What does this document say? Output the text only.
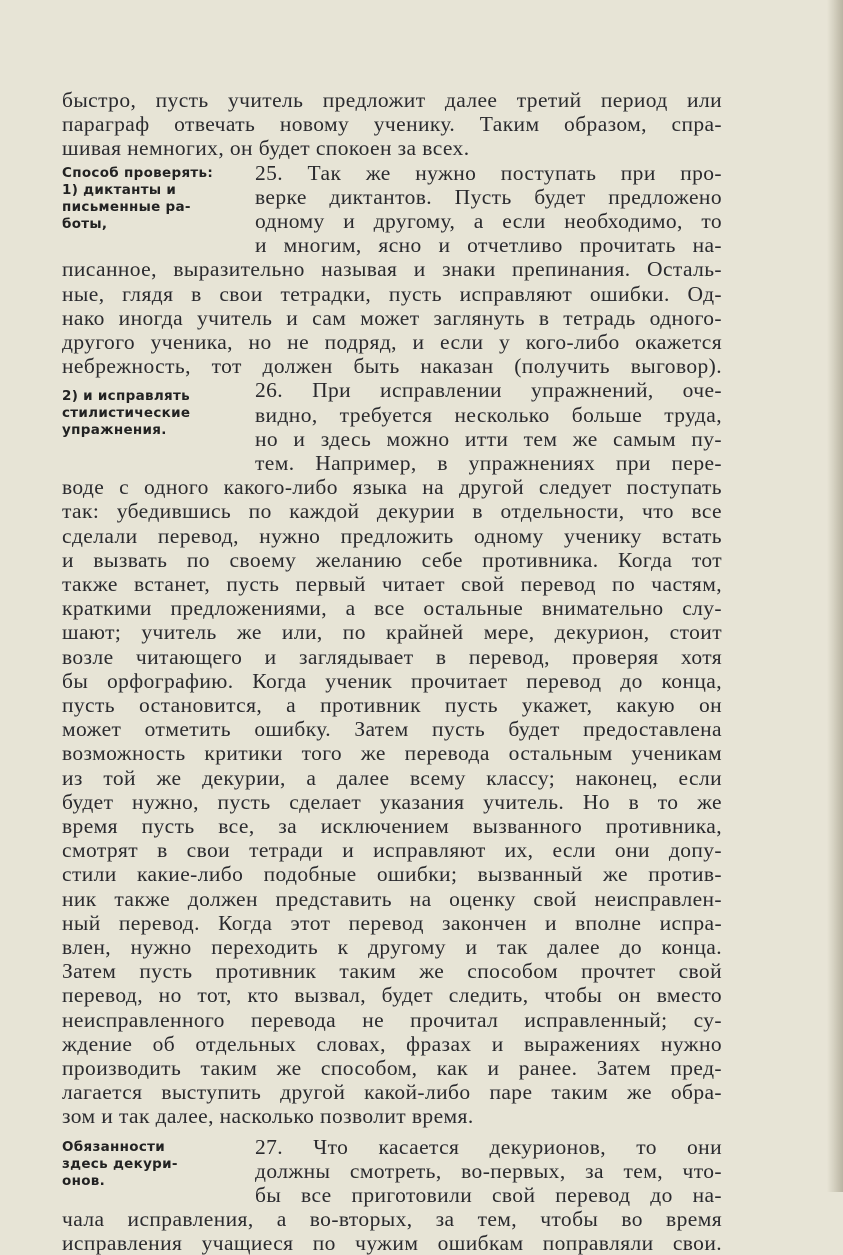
быстро, пусть учитель предложит далее третий период или
параграф отвечать новому ученику. Таким образом, спра-
шивая немногих, он будет спокоен за всех.
25. Так же нужно поступать при про-
верке диктантов. Пусть будет предложено
одному и другому, а если необходимо, то
и многим, ясно и отчетливо прочитать на-
писанное, выразительно называя и знаки препинания. Осталь-
ные, глядя в свои тетрадки, пусть исправляют ошибки. Од-
нако иногда учитель и сам может заглянуть в тетрадь одного-
другого ученика, но не подряд, и если у кого-либо окажется
небрежность, тот должен быть наказан (получить выговор).
26. При исправлении упражнений, оче-
видно, требуется несколько больше труда,
но и здесь можно итти тем же самым пу-
тем. Например, в упражнениях при пере-
воде с одного какого-либо языка на другой следует поступать
так: убедившись по каждой декурии в отдельности, что все
сделали перевод, нужно предложить одному ученику встать
и вызвать по своему желанию себе противника. Когда тот
также встанет, пусть первый читает свой перевод по частям,
краткими предложениями, а все остальные внимательно слу-
шают; учитель же или, по крайней мере, декурион, стоит
возле читающего и заглядывает в перевод, проверяя хотя
бы орфографию. Когда ученик прочитает перевод до конца,
пусть остановится, а противник пусть укажет, какую он
может отметить ошибку. Затем пусть будет предоставлена
возможность критики того же перевода остальным ученикам
из той же декурии, а далее всему классу; наконец, если
будет нужно, пусть сделает указания учитель. Но в то же
время пусть все, за исключением вызванного противника,
смотрят в свои тетради и исправляют их, если они допу-
стили какие-либо подобные ошибки; вызванный же против-
ник также должен представить на оценку свой неисправлен-
ный перевод. Когда этот перевод закончен и вполне испра-
влен, нужно переходить к другому и так далее до конца.
Затем пусть противник таким же способом прочтет свой
перевод, но тот, кто вызвал, будет следить, чтобы он вместо
неисправленного перевода не прочитал исправленный; су-
ждение об отдельных словах, фразах и выражениях нужно
производить таким же способом, как и ранее. Затем пред-
лагается выступить другой какой-либо паре таким же обра-
зом и так далее, насколько позволит время.
27. Что касается декурионов, то они
должны смотреть, во-первых, за тем, что-
бы все приготовили свой перевод до на-
чала исправления, а во-вторых, за тем, чтобы во время
исправления учащиеся по чужим ошибкам поправляли свои.
Способ проверять:
1) диктанты и
письменные ра-
боты,
2) и исправлять
стилистические
упражнения.
Обязанности
здесь декури-
онов.
